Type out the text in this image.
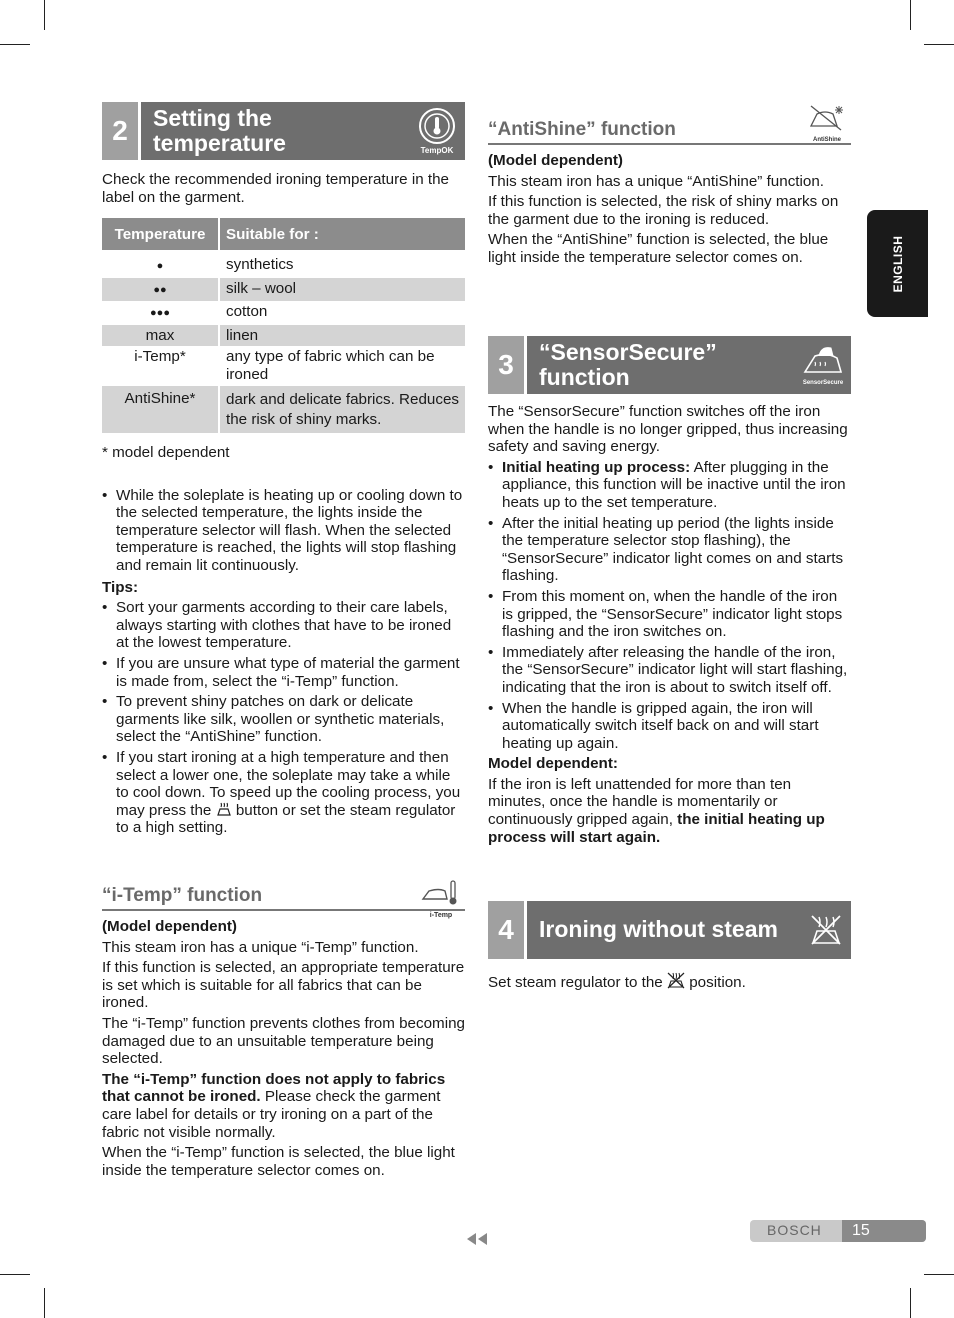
ENGLISH
2	Setting the temperature	TempOK

Check the recommended ironing temperature in the label on the garment.

Temperature	Suitable for :

●	synthetics
●●	silk – wool
●●●	cotton
max	linen
i-Temp*	any type of fabric which can be ironed
AntiShine*	dark and delicate fabrics. Reduces the risk of shiny marks.

* model dependent

• While the soleplate is heating up or cooling down to the selected temperature, the lights inside the temperature selector will flash. When the selected temperature is reached, the lights will stop flashing and remain lit continuously.

Tips:

• Sort your garments according to their care labels, always starting with clothes that have to be ironed at the lowest temperature.
• If you are unsure what type of material the garment is made from, select the “i-Temp” function.
• To prevent shiny patches on dark or delicate garments like silk, woollen or synthetic materials, select the “AntiShine” function.
• If you start ironing at a high temperature and then select a lower one, the soleplate may take a while to cool down. To speed up the cooling process, you may press the button or set the steam regulator to a high setting.
“i-Temp” function
i-Temp

(Model dependent)

This steam iron has a unique “i-Temp” function.

If this function is selected, an appropriate temperature is set which is suitable for all fabrics that can be ironed.

The “i-Temp” function prevents clothes from becoming damaged due to an unsuitable temperature being selected.

The “i-Temp” function does not apply to fabrics that cannot be ironed. Please check the garment care label for details or try ironing on a part of the fabric not visible normally.

When the “i-Temp” function is selected, the blue light inside the temperature selector comes on.

“AntiShine” function	AntiShine

(Model dependent)

This steam iron has a unique “AntiShine” function.

If this function is selected, the risk of shiny marks on the garment due to the ironing is reduced.

When the “AntiShine” function is selected, the blue light inside the temperature selector comes on.

3	“SensorSecure” function	SensorSecure

The “SensorSecure” function switches off the iron when the handle is no longer gripped, thus increasing safety and saving energy.

• Initial heating up process: After plugging in the appliance, this function will be inactive until the iron heats up to the set temperature.
• After the initial heating up period (the lights inside the temperature selector stop flashing), the “SensorSecure” indicator light comes on and starts flashing.
• From this moment on, when the handle of the iron is gripped, the “SensorSecure” indicator light stops flashing and the iron switches on.
• Immediately after releasing the handle of the iron, the “SensorSecure” indicator light will start flashing, indicating that the iron is about to switch itself off.
• When the handle is gripped again, the iron will automatically switch itself back on and will start heating up again.

Model dependent:

If the iron is left unattended for more than ten minutes, once the handle is momentarily or continuously gripped again, the initial heating up process will start again.

4	Ironing without steam

Set steam regulator to the position.

BOSCH	15
